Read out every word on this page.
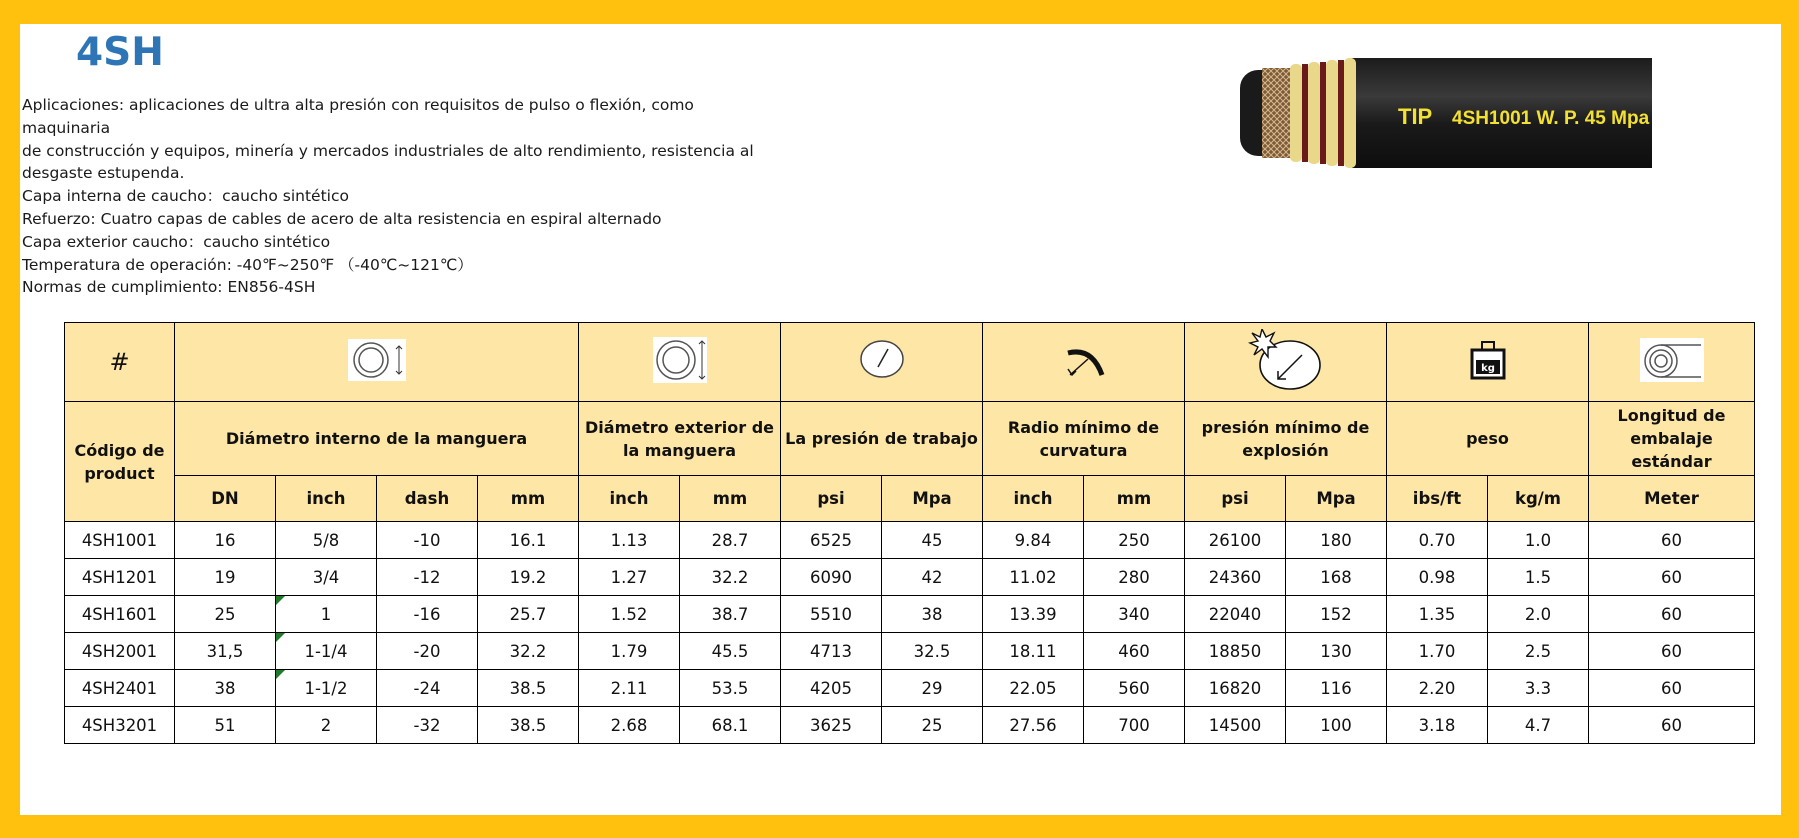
4SH
Aplicaciones: aplicaciones de ultra alta presión con requisitos de pulso o flexión, como maquinaria
de construcción y equipos, minería y mercados industriales de alto rendimiento, resistencia al
desgaste estupenda.
Capa interna de caucho：caucho sintético
Refuerzo: Cuatro capas de cables de acero de alta resistencia en espiral alternado
Capa exterior caucho：caucho sintético
Temperatura de operación: -40℉~250℉ （-40℃~121℃）
Normas de cumplimiento: EN856-4SH
TIP 4SH1001 W. P. 45 Mpa
#													kg

Código de product	Diámetro interno de la manguera				Diámetro exterior de la manguera		La presión de trabajo		Radio mínimo de curvatura		presión mínimo de explosión		peso		Longitud de embalaje estándar
	DN	inch	dash	mm	inch	mm	psi	Mpa	inch	mm	psi	Mpa	ibs/ft	kg/m	Meter
4SH1001	16	5/8	-10	16.1	1.13	28.7	6525	45	9.84	250	26100	180	0.70	1.0	60
4SH1201	19	3/4	-12	19.2	1.27	32.2	6090	42	11.02	280	24360	168	0.98	1.5	60
4SH1601	25	1	-16	25.7	1.52	38.7	5510	38	13.39	340	22040	152	1.35	2.0	60
4SH2001	31,5	1-1/4	-20	32.2	1.79	45.5	4713	32.5	18.11	460	18850	130	1.70	2.5	60
4SH2401	38	1-1/2	-24	38.5	2.11	53.5	4205	29	22.05	560	16820	116	2.20	3.3	60
4SH3201	51	2	-32	38.5	2.68	68.1	3625	25	27.56	700	14500	100	3.18	4.7	60
